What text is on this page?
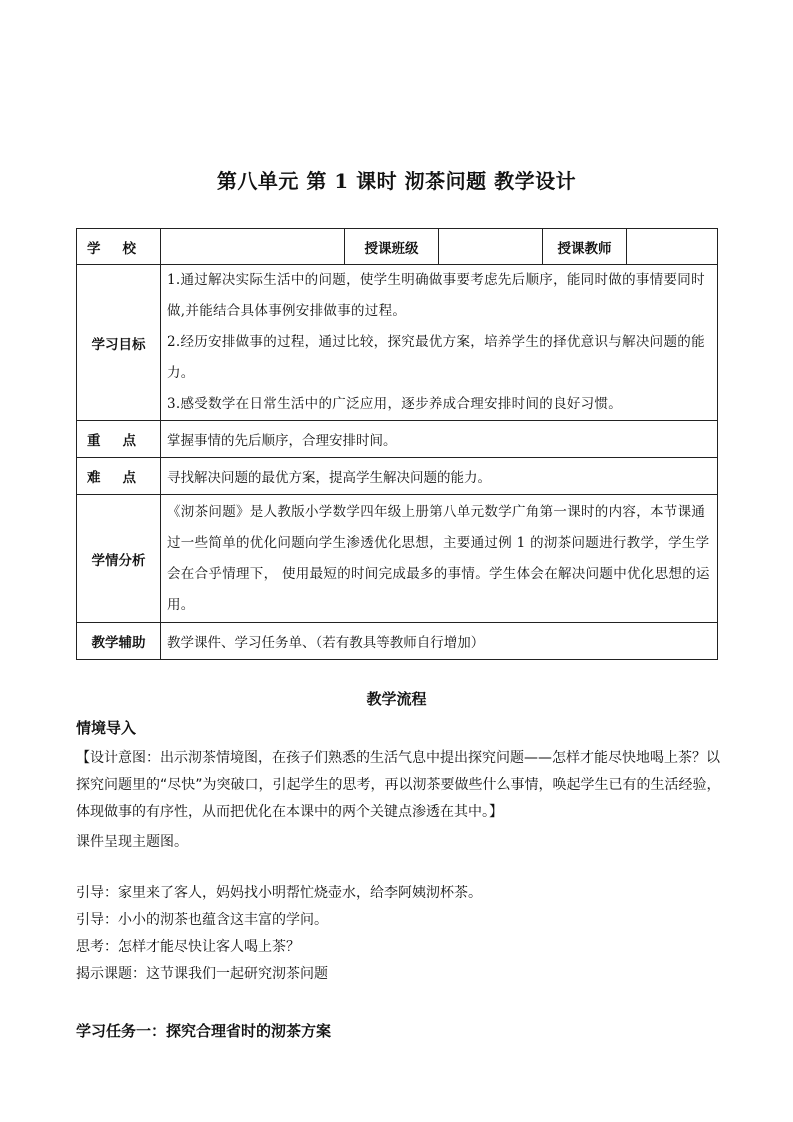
第八单元 第 1 课时 沏茶问题 教学设计
学 校		授课班级		授课教师	
学习目标	1.通过解决实际生活中的问题，使学生明确做事要考虑先后顺序，能同时做的事情要同时做,并能结合具体事例安排做事的过程。
2.经历安排做事的过程，通过比较，探究最优方案，培养学生的择优意识与解决问题的能力。
3.感受数学在日常生活中的广泛应用，逐步养成合理安排时间的良好习惯。				

重 点	掌握事情的先后顺序，合理安排时间。				

难 点	寻找解决问题的最优方案，提高学生解决问题的能力。				
学情分析	《沏茶问题》是人教版小学数学四年级上册第八单元数学广角第一课时的内容，本节课通过一些简单的优化问题向学生渗透优化思想，主要通过例 1 的沏茶问题进行教学，学生学会在合乎情理下， 使用最短的时间完成最多的事情。学生体会在解决问题中优化思想的运用。				
教学辅助	教学课件、学习任务单、（若有教具等教师自行增加）				
教学流程
情境导入
【设计意图：出示沏茶情境图，在孩子们熟悉的生活气息中提出探究问题——怎样才能尽快地喝上茶？以探究问题里的“尽快”为突破口，引起学生的思考，再以沏茶要做些什么事情，唤起学生已有的生活经验，体现做事的有序性，从而把优化在本课中的两个关键点渗透在其中。】
课件呈现主题图。
引导：家里来了客人，妈妈找小明帮忙烧壶水，给李阿姨沏杯茶。
引导：小小的沏茶也蕴含这丰富的学问。
思考：怎样才能尽快让客人喝上茶？
揭示课题：这节课我们一起研究沏茶问题
学习任务一：探究合理省时的沏茶方案
